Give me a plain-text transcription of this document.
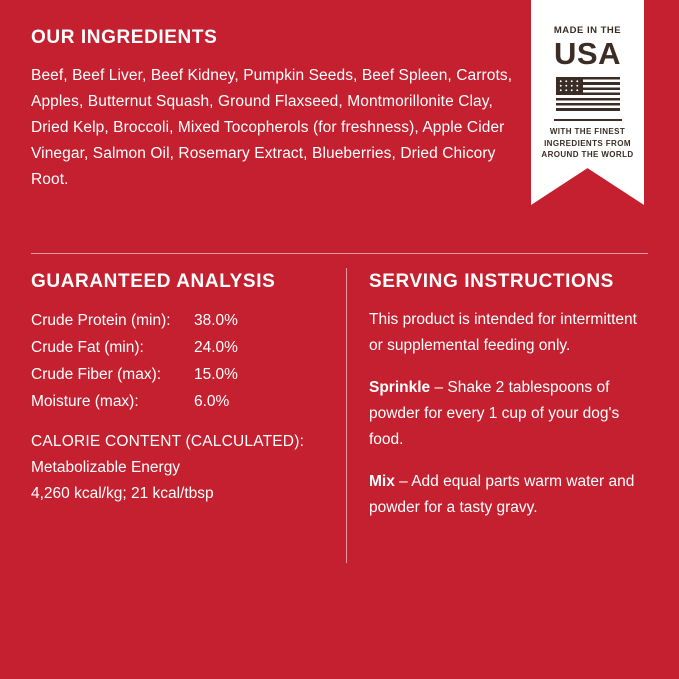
OUR INGREDIENTS

Beef, Beef Liver, Beef Kidney, Pumpkin Seeds, Beef Spleen, Carrots, Apples, Butternut Squash, Ground Flaxseed, Montmorillonite Clay, Dried Kelp, Broccoli, Mixed Tocopherols (for freshness), Apple Cider Vinegar, Salmon Oil, Rosemary Extract, Blueberries, Dried Chicory Root.

MADE IN THE
USA
WITH THE FINEST INGREDIENTS FROM AROUND THE WORLD
GUARANTEED ANALYSIS
Crude Protein (min):	38.0%
Crude Fat (min):	24.0%
Crude Fiber (max):	15.0%
Moisture (max):	6.0%
CALORIE CONTENT (CALCULATED):
Metabolizable Energy
4,260 kcal/kg; 21 kcal/tbsp
SERVING INSTRUCTIONS

This product is intended for intermittent or supplemental feeding only.

Sprinkle – Shake 2 tablespoons of powder for every 1 cup of your dog's food.

Mix – Add equal parts warm water and powder for a tasty gravy.
